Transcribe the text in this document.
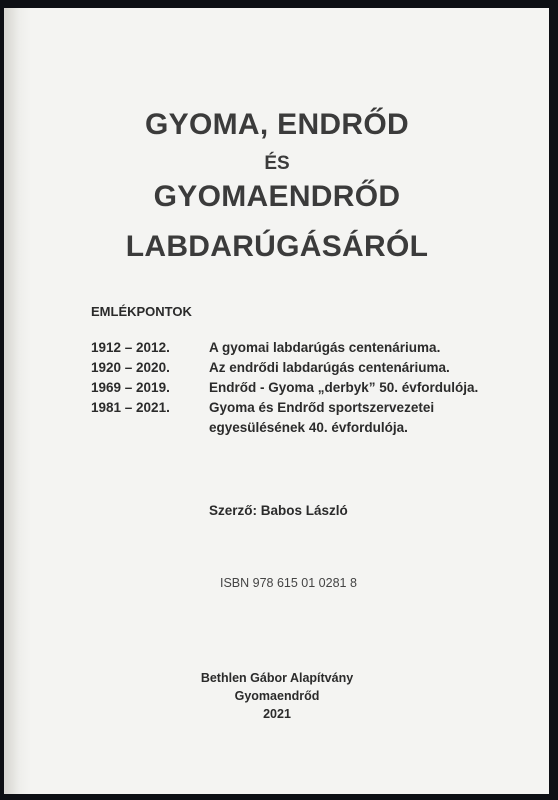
GYOMA, ENDRŐD
ÉS
GYOMAENDRŐD
LABDARÚGÁSÁRÓL
EMLÉKPONTOK
1912 – 2012.	A gyomai labdarúgás centenáriuma.
1920 – 2020.	Az endrődi labdarúgás centenáriuma.
1969 – 2019.	Endrőd - Gyoma „derbyk” 50. évfordulója.
1981 – 2021.	Gyoma és Endrőd sportszervezetei
egyesülésének 40. évfordulója.
Szerző: Babos László
ISBN 978 615 01 0281 8
Bethlen Gábor Alapítvány
Gyomaendrőd
2021
